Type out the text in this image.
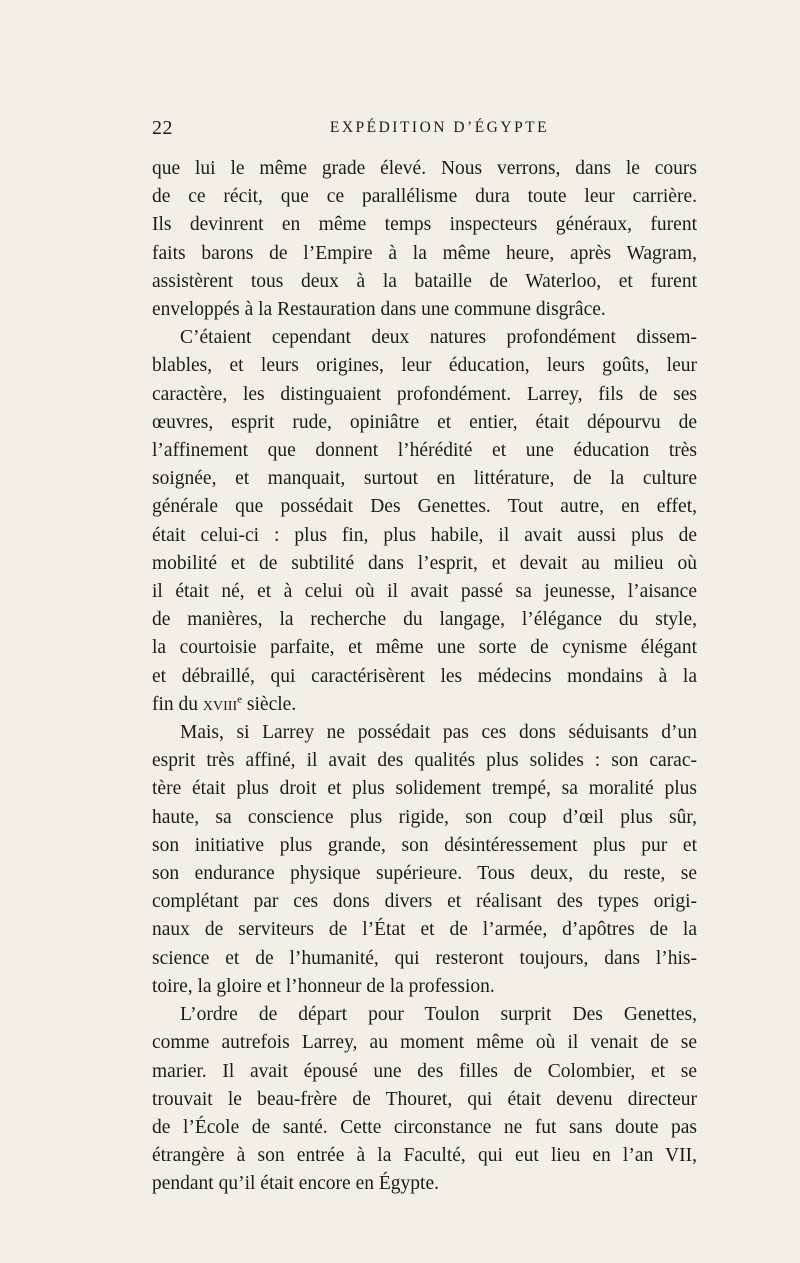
22	EXPÉDITION D’ÉGYPTE

que lui le même grade élevé. Nous verrons, dans le cours
de ce récit, que ce parallélisme dura toute leur carrière.
Ils devinrent en même temps inspecteurs généraux, furent
faits barons de l’Empire à la même heure, après Wagram,
assistèrent tous deux à la bataille de Waterloo, et furent
enveloppés à la Restauration dans une commune disgrâce.

C’étaient cependant deux natures profondément dissem-
blables, et leurs origines, leur éducation, leurs goûts, leur
caractère, les distinguaient profondément. Larrey, fils de ses
œuvres, esprit rude, opiniâtre et entier, était dépourvu de
l’affinement que donnent l’hérédité et une éducation très
soignée, et manquait, surtout en littérature, de la culture
générale que possédait Des Genettes. Tout autre, en effet,
était celui-ci : plus fin, plus habile, il avait aussi plus de
mobilité et de subtilité dans l’esprit, et devait au milieu où
il était né, et à celui où il avait passé sa jeunesse, l’aisance
de manières, la recherche du langage, l’élégance du style,
la courtoisie parfaite, et même une sorte de cynisme élégant
et débraillé, qui caractérisèrent les médecins mondains à la
fin du xviii$^e$ siècle.

Mais, si Larrey ne possédait pas ces dons séduisants d’un
esprit très affiné, il avait des qualités plus solides : son carac-
tère était plus droit et plus solidement trempé, sa moralité plus
haute, sa conscience plus rigide, son coup d’œil plus sûr,
son initiative plus grande, son désintéressement plus pur et
son endurance physique supérieure. Tous deux, du reste, se
complétant par ces dons divers et réalisant des types origi-
naux de serviteurs de l’État et de l’armée, d’apôtres de la
science et de l’humanité, qui resteront toujours, dans l’his-
toire, la gloire et l’honneur de la profession.

L’ordre de départ pour Toulon surprit Des Genettes,
comme autrefois Larrey, au moment même où il venait de se
marier. Il avait épousé une des filles de Colombier, et se
trouvait le beau-frère de Thouret, qui était devenu directeur
de l’École de santé. Cette circonstance ne fut sans doute pas
étrangère à son entrée à la Faculté, qui eut lieu en l’an VII,
pendant qu’il était encore en Égypte.
